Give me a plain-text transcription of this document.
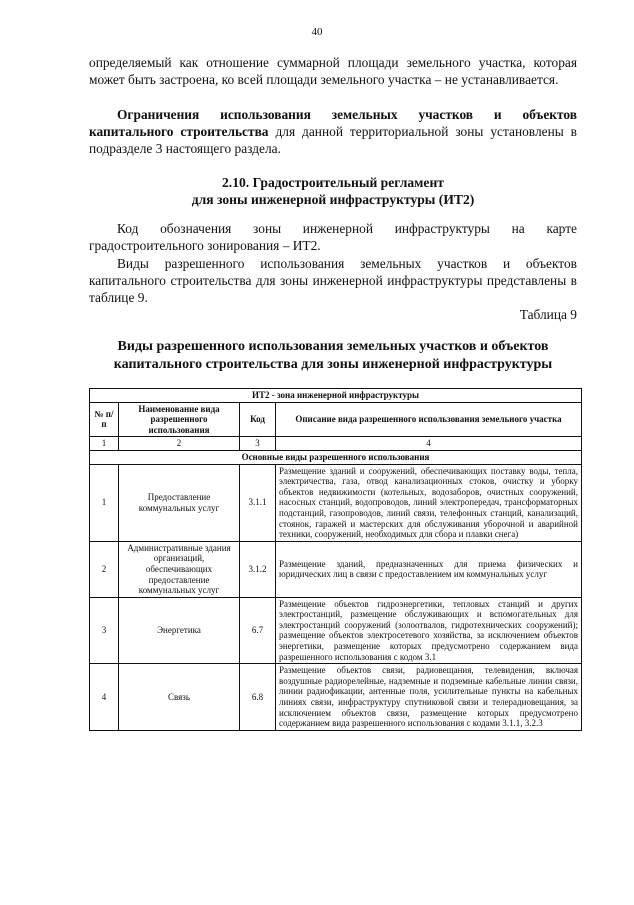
40
определяемый как отношение суммарной площади земельного участка, которая может быть застроена, ко всей площади земельного участка – не устанавливается.
Ограничения использования земельных участков и объектов капитального строительства для данной территориальной зоны установлены в подразделе 3 настоящего раздела.
2.10. Градостроительный регламент
для зоны инженерной инфраструктуры (ИТ2)
Код обозначения зоны инженерной инфраструктуры на карте градостроительного зонирования – ИТ2.
Виды разрешенного использования земельных участков и объектов капитального строительства для зоны инженерной инфраструктуры представлены в таблице 9.
Таблица 9
Виды разрешенного использования земельных участков и объектов
капитального строительства для зоны инженерной инфраструктуры
ИТ2 - зона инженерной инфраструктуры			
№ п/п	Наименование вида разрешенного использования	Код	Описание вида разрешенного использования земельного участка
1	2	3	4
Основные виды разрешенного использования			
1	Предоставление коммунальных услуг	3.1.1	Размещение зданий и сооружений, обеспечивающих поставку воды, тепла, электричества, газа, отвод канализационных стоков, очистку и уборку объектов недвижимости (котельных, водозаборов, очистных сооружений, насосных станций, водопроводов, линий электропередач, трансформаторных подстанций, газопроводов, линий связи, телефонных станций, канализаций, стоянок, гаражей и мастерских для обслуживания уборочной и аварийной техники, сооружений, необходимых для сбора и плавки снега)
2	Административные здания организаций, обеспечивающих предоставление коммунальных услуг	3.1.2	Размещение зданий, предназначенных для приема физических и юридических лиц в связи с предоставлением им коммунальных услуг
3	Энергетика	6.7	Размещение объектов гидроэнергетики, тепловых станций и других электростанций, размещение обслуживающих и вспомогательных для электростанций сооружений (золоотвалов, гидротехнических сооружений); размещение объектов электросетевого хозяйства, за исключением объектов энергетики, размещение которых предусмотрено содержанием вида разрешенного использования с кодом 3.1
4	Связь	6.8	Размещение объектов связи, радиовещания, телевидения, включая воздушные радиорелейные, надземные и подземные кабельные линии связи, линии радиофикации, антенные поля, усилительные пункты на кабельных линиях связи, инфраструктуру спутниковой связи и телерадиовещания, за исключением объектов связи, размещение которых предусмотрено содержанием вида разрешенного использования с кодами 3.1.1, 3.2.3
